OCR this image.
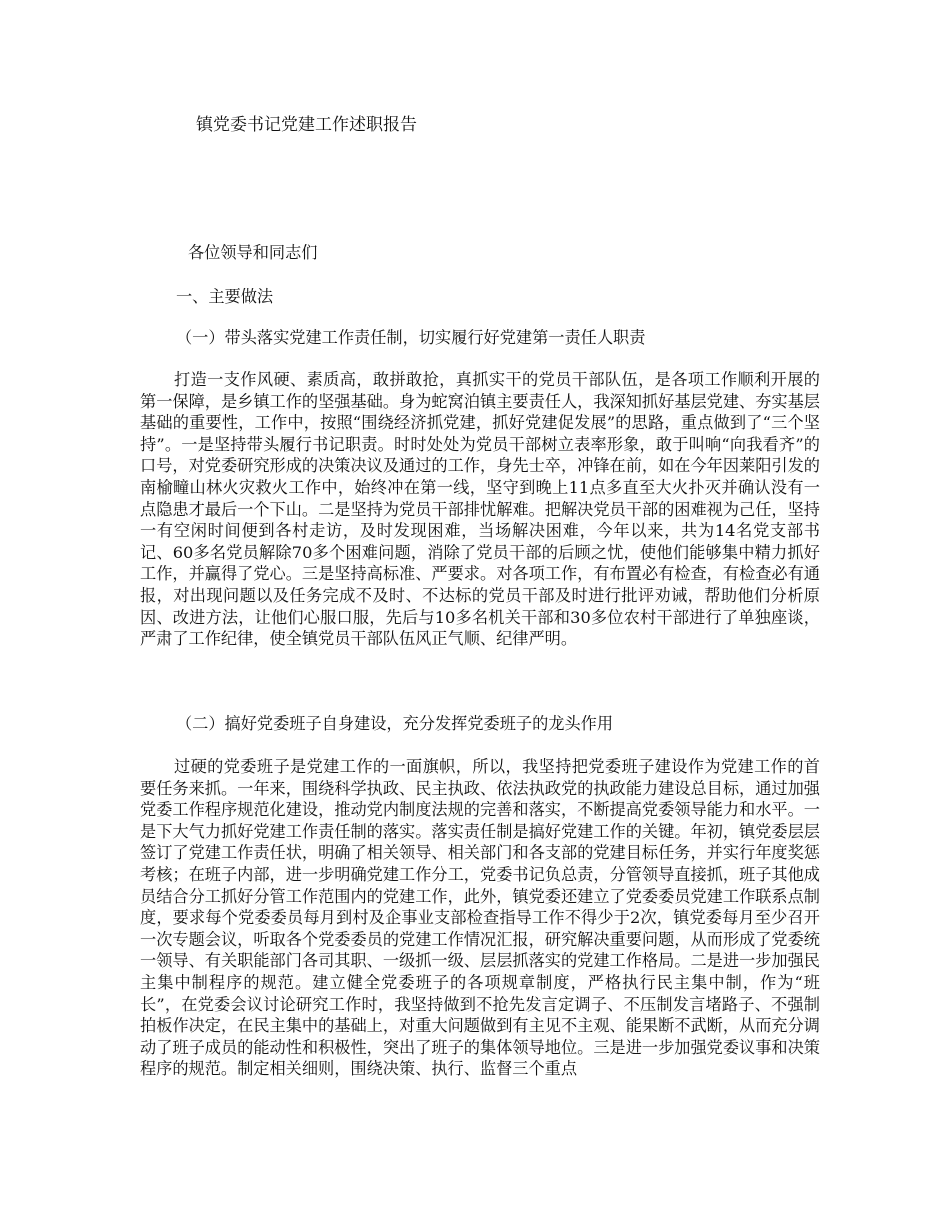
镇党委书记党建工作述职报告

各位领导和同志们

一、主要做法

（一）带头落实党建工作责任制，切实履行好党建第一责任人职责

打造一支作风硬、素质高，敢拼敢抢，真抓实干的党员干部队伍，是各项工作顺利开展的第一保障，是乡镇工作的坚强基础。身为蛇窝泊镇主要责任人，我深知抓好基层党建、夯实基层基础的重要性，工作中，按照“围绕经济抓党建，抓好党建促发展”的思路，重点做到了“三个坚持”。一是坚持带头履行书记职责。时时处处为党员干部树立表率形象，敢于叫响“向我看齐”的口号，对党委研究形成的决策决议及通过的工作，身先士卒，冲锋在前，如在今年因莱阳引发的南榆疃山林火灾救火工作中，始终冲在第一线，坚守到晚上11点多直至大火扑灭并确认没有一点隐患才最后一个下山。二是坚持为党员干部排忧解难。把解决党员干部的困难视为己任，坚持一有空闲时间便到各村走访，及时发现困难，当场解决困难，今年以来，共为14名党支部书记、60多名党员解除70多个困难问题，消除了党员干部的后顾之忧，使他们能够集中精力抓好工作，并赢得了党心。三是坚持高标准、严要求。对各项工作，有布置必有检查，有检查必有通报，对出现问题以及任务完成不及时、不达标的党员干部及时进行批评劝诫，帮助他们分析原因、改进方法，让他们心服口服，先后与10多名机关干部和30多位农村干部进行了单独座谈，严肃了工作纪律，使全镇党员干部队伍风正气顺、纪律严明。

（二）搞好党委班子自身建设，充分发挥党委班子的龙头作用

过硬的党委班子是党建工作的一面旗帜，所以，我坚持把党委班子建设作为党建工作的首要任务来抓。一年来，围绕科学执政、民主执政、依法执政党的执政能力建设总目标，通过加强党委工作程序规范化建设，推动党内制度法规的完善和落实，不断提高党委领导能力和水平。一是下大气力抓好党建工作责任制的落实。落实责任制是搞好党建工作的关键。年初，镇党委层层签订了党建工作责任状，明确了相关领导、相关部门和各支部的党建目标任务，并实行年度奖惩考核；在班子内部，进一步明确党建工作分工，党委书记负总责，分管领导直接抓，班子其他成员结合分工抓好分管工作范围内的党建工作，此外，镇党委还建立了党委委员党建工作联系点制度，要求每个党委委员每月到村及企事业支部检查指导工作不得少于2次，镇党委每月至少召开一次专题会议，听取各个党委委员的党建工作情况汇报，研究解决重要问题，从而形成了党委统一领导、有关职能部门各司其职、一级抓一级、层层抓落实的党建工作格局。二是进一步加强民主集中制程序的规范。建立健全党委班子的各项规章制度，严格执行民主集中制，作为“班长”，在党委会议讨论研究工作时，我坚持做到不抢先发言定调子、不压制发言堵路子、不强制拍板作决定，在民主集中的基础上，对重大问题做到有主见不主观、能果断不武断，从而充分调动了班子成员的能动性和积极性，突出了班子的集体领导地位。三是进一步加强党委议事和决策程序的规范。制定相关细则，围绕决策、执行、监督三个重点
